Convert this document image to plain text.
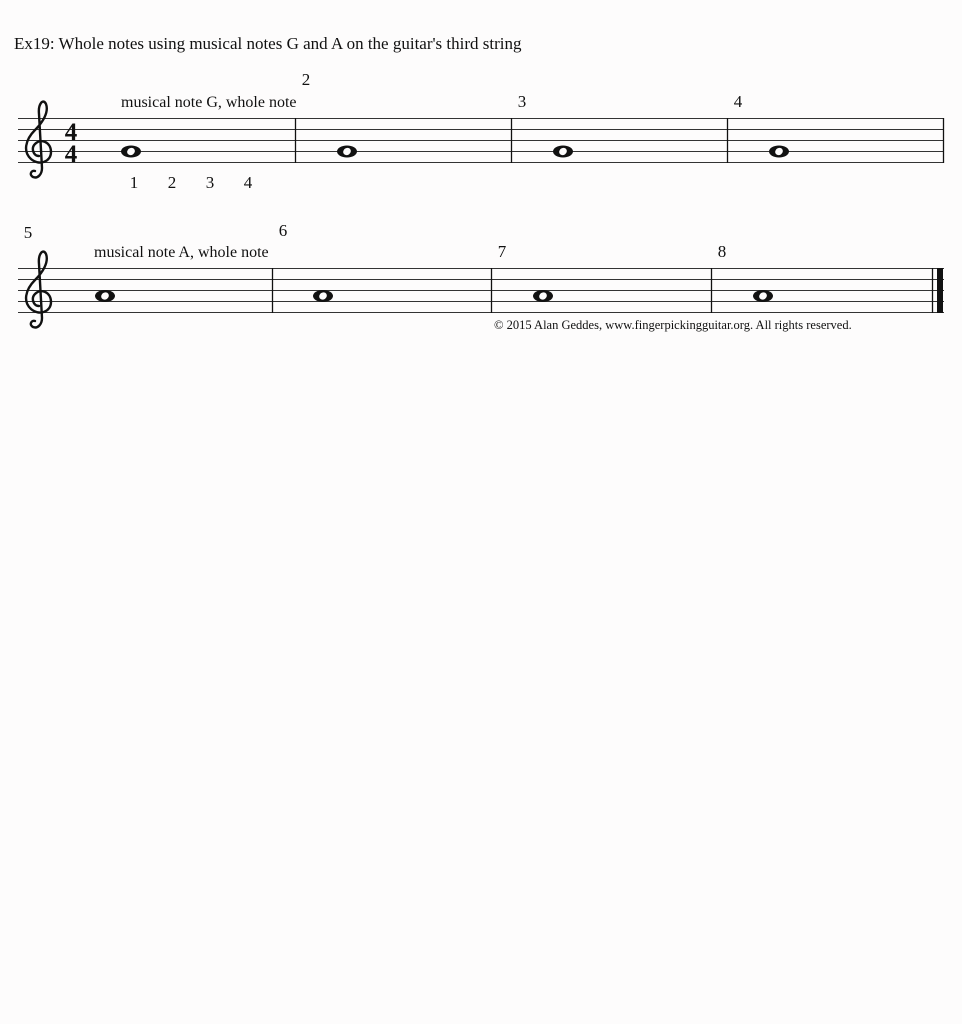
Ex19: Whole notes using musical notes G and A on the guitar's third string
4
4
musical note G, whole note
2
3	4
1 2 3 4
5
musical note A, whole note
6
7	8
© 2015 Alan Geddes, www.fingerpickingguitar.org. All rights reserved.
